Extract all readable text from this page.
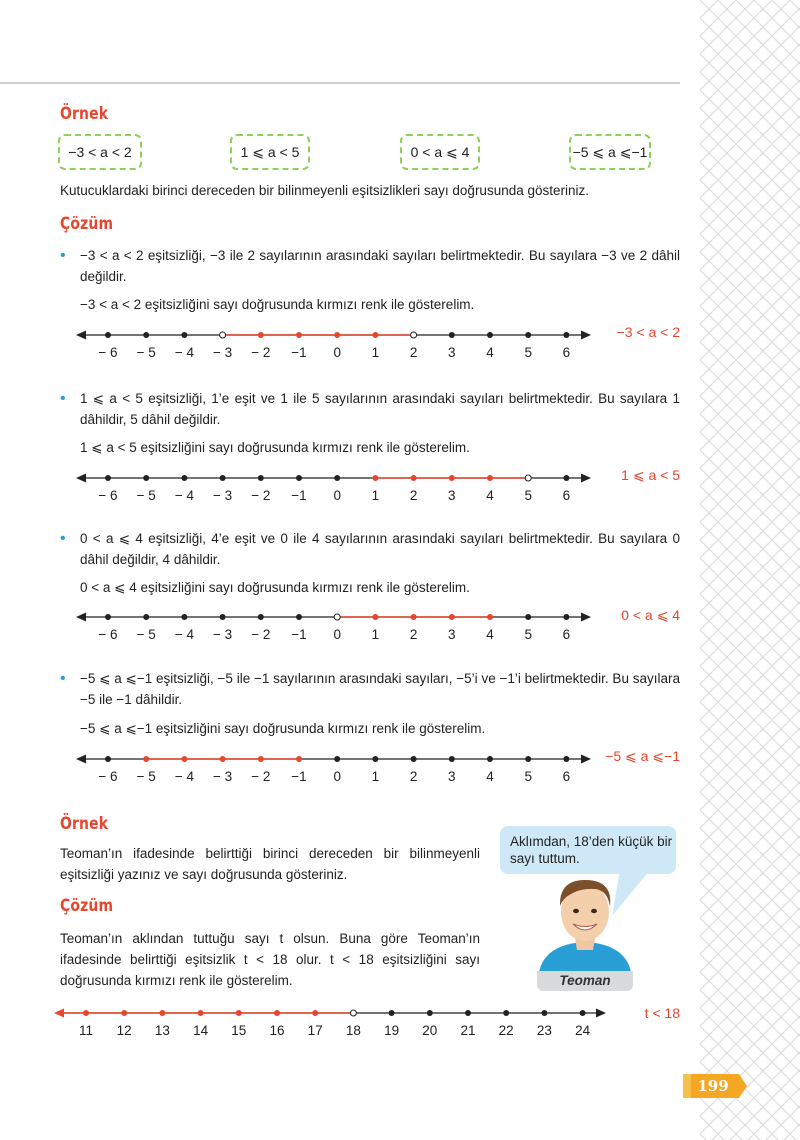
Örnek
−3 < a < 2	1 ⩽ a < 5	0 < a ⩽ 4	−5 ⩽ a ⩽−1
Kutucuklardaki birinci dereceden bir bilinmeyenli eşitsizlikleri sayı doğrusunda gösteriniz.
Çözüm
• −3 < a < 2 eşitsizliği, −3 ile 2 sayılarının arasındaki sayıları belirtmektedir. Bu sayılara −3 ve 2 dâhil değildir.
−3 < a < 2 eşitsizliğini sayı doğrusunda kırmızı renk ile gösterelim.
−3 < a < 2
• 1 ⩽ a < 5 eşitsizliği, 1’e eşit ve 1 ile 5 sayılarının arasındaki sayıları belirtmektedir. Bu sayılara 1 dâhildir, 5 dâhil değildir.
1 ⩽ a < 5 eşitsizliğini sayı doğrusunda kırmızı renk ile gösterelim.
1 ⩽ a < 5
• 0 < a ⩽ 4 eşitsizliği, 4’e eşit ve 0 ile 4 sayılarının arasındaki sayıları belirtmektedir. Bu sayılara 0 dâhil değildir, 4 dâhildir.
0 < a ⩽ 4 eşitsizliğini sayı doğrusunda kırmızı renk ile gösterelim.
0 < a ⩽ 4
• −5 ⩽ a ⩽−1 eşitsizliği, −5 ile −1 sayılarının arasındaki sayıları, −5’i ve −1’i belirtmektedir. Bu sayılara −5 ile −1 dâhildir.
−5 ⩽ a ⩽−1 eşitsizliğini sayı doğrusunda kırmızı renk ile gösterelim.
−5 ⩽ a ⩽−1
Örnek
Teoman’ın ifadesinde belirttiği birinci dereceden bir bilinmeyenli eşitsizliği yazınız ve sayı doğrusunda gösteriniz.
Aklımdan, 18’den küçük bir sayı tuttum.
Teoman
Çözüm
Teoman’ın aklından tuttuğu sayı t olsun. Buna göre Teoman’ın ifadesinde belirttiği eşitsizlik t < 18 olur. t < 18 eşitsizliğini sayı doğrusunda kırmızı renk ile gösterelim.
t < 18
− 6 − 5 − 4 − 3 − 2 −1 0 1 2 3 4 5 6
− 6 − 5 − 4 − 3 − 2 −1 0 1 2 3 4 5 6
− 6 − 5 − 4 − 3 − 2 −1 0 1 2 3 4 5 6
− 6 − 5 − 4 − 3 − 2 −1 0 1 2 3 4 5 6
11 12 13 14 15 16 17 18 19 20 21 22 23 24
199
